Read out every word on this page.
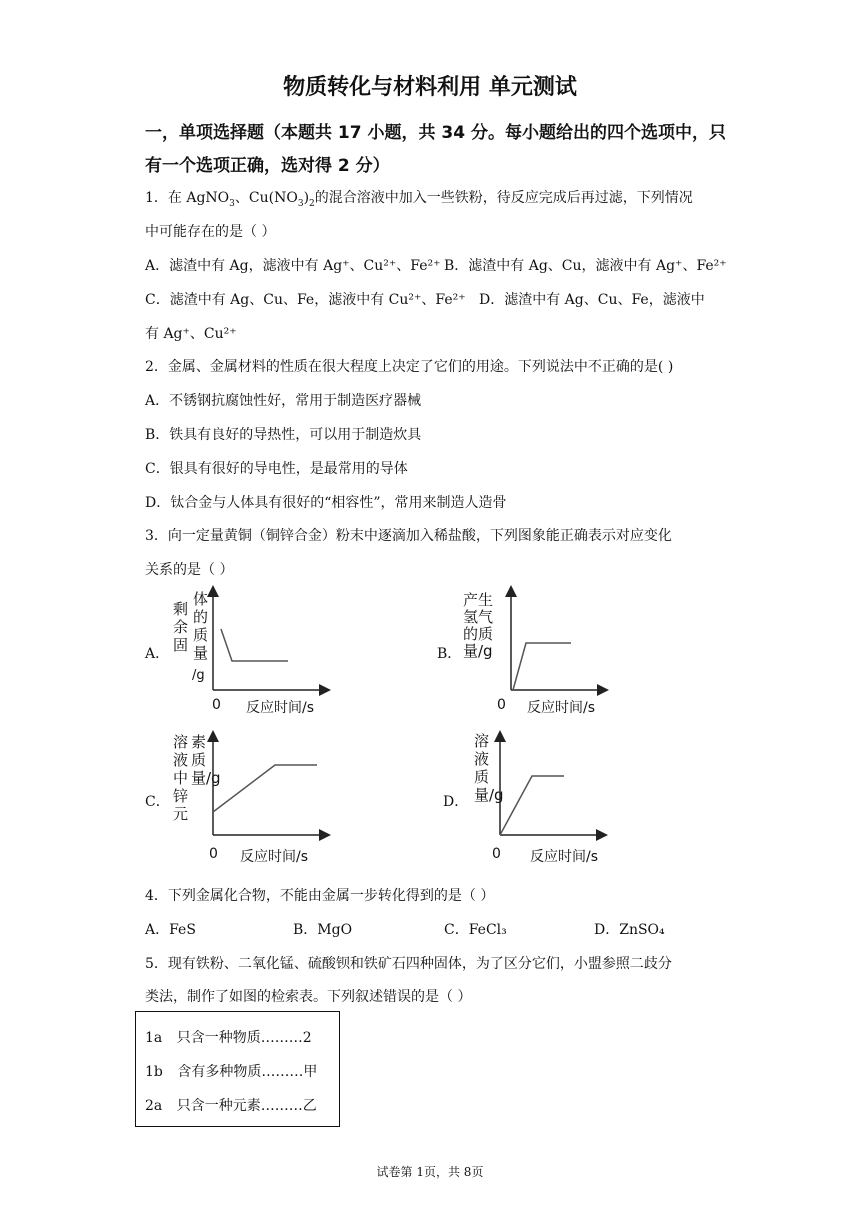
物质转化与材料利用 单元测试
一，单项选择题（本题共 17 小题，共 34 分。每小题给出的四个选项中，只
有一个选项正确，选对得 2 分）
1．在 AgNO$_3$、$Cu(NO_3)_2$的混合溶液中加入一些铁粉，待反应完成后再过滤，下列情况
中可能存在的是（ ）
A．滤渣中有 Ag，滤液中有 Ag⁺、Cu²⁺、Fe²⁺ B．滤渣中有 Ag、Cu，滤液中有 Ag⁺、Fe²⁺
C．滤渣中有 Ag、Cu、Fe，滤液中有 Cu²⁺、Fe²⁺ D．滤渣中有 Ag、Cu、Fe，滤液中
有 Ag⁺、Cu²⁺
2．金属、金属材料的性质在很大程度上决定了它们的用途。下列说法中不正确的是( )
A．不锈钢抗腐蚀性好，常用于制造医疗器械
B．铁具有良好的导热性，可以用于制造炊具
C．银具有很好的导电性，是最常用的导体
D．钛合金与人体具有很好的“相容性”，常用来制造人造骨
3．向一定量黄铜（铜锌合金）粉末中逐滴加入稀盐酸，下列图象能正确表示对应变化
关系的是（ ）
A．
剩余固
体的质量
/g
0 反应时间/s
B．
产生氢气的质量/g
0 反应时间/s
C．
溶液中锌元
素质量/g
0 反应时间/s
D．
溶液质量/g
0 反应时间/s
4．下列金属化合物，不能由金属一步转化得到的是（ ）
A．FeS	B．MgO	C．FeCl₃	D．ZnSO₄
5．现有铁粉、二氧化锰、硫酸钡和铁矿石四种固体，为了区分它们，小盟参照二歧分
类法，制作了如图的检索表。下列叙述错误的是（ ）
1a 只含一种物质………2
1b 含有多种物质………甲
2a 只含一种元素………乙
试卷第 1页，共 8页
